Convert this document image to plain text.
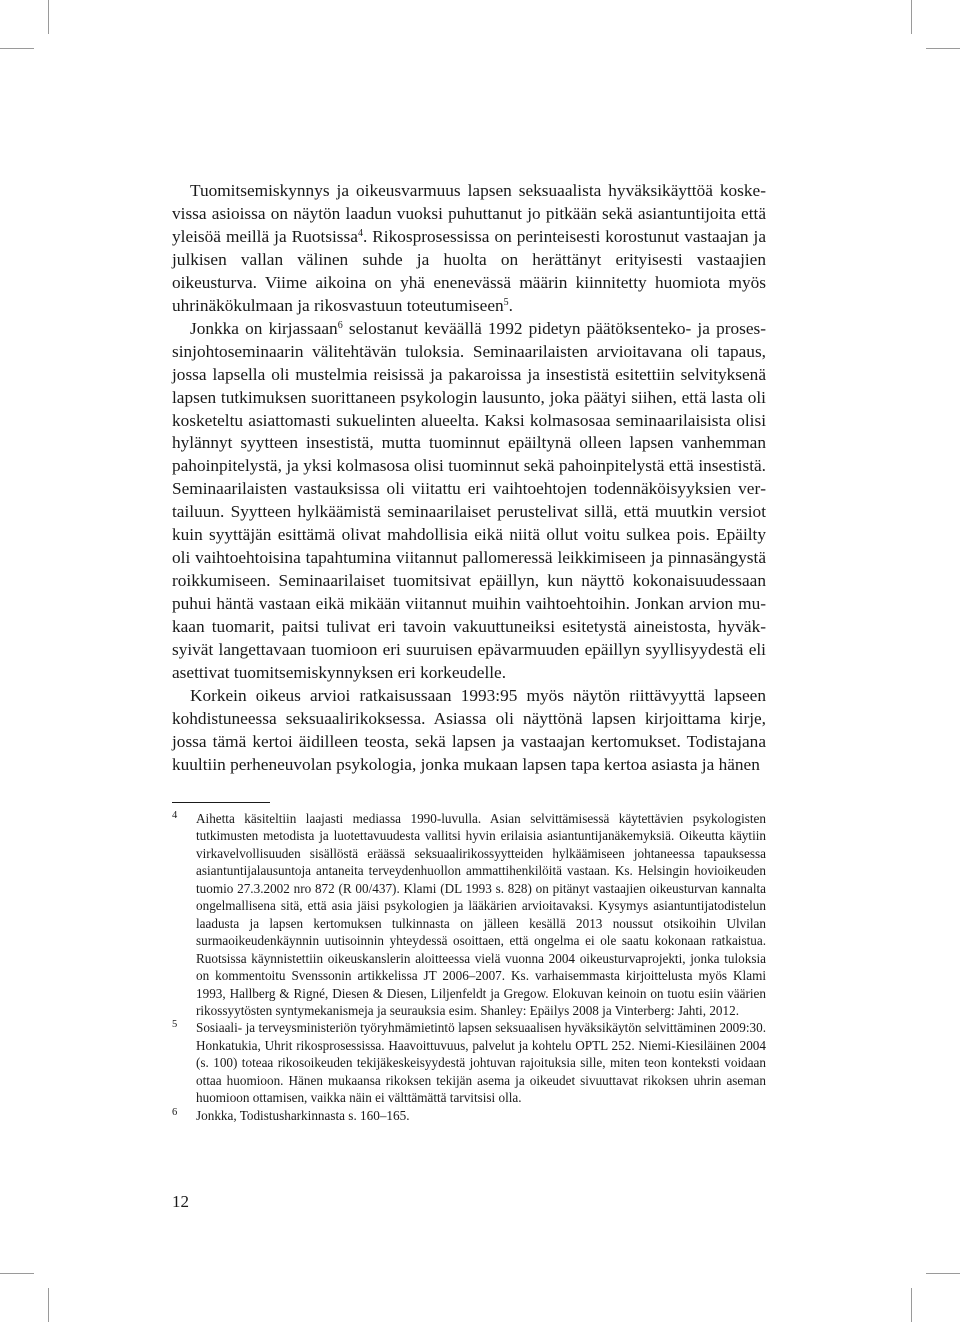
Tuomitsemiskynnys ja oikeusvarmuus lapsen seksuaalista hyväksikäyttöä koskevissa asioissa on näytön laadun vuoksi puhuttanut jo pitkään sekä asiantuntijoita että yleisöä meillä ja Ruotsissa$^4$. Rikosprosessissa on perinteisesti korostunut vastaajan ja julkisen vallan välinen suhde ja huolta on herättänyt erityisesti vastaajien oikeusturva. Viime aikoina on yhä enenevässä määrin kiinnitetty huomiota myös uhrinäkökulmaan ja rikosvastuun toteutumiseen$^5$.

Jonkka on kirjassaan$^6$ selostanut keväällä 1992 pidetyn päätöksenteko- ja prosessinjohtoseminaarin välitehtävän tuloksia. Seminaarilaisten arvioitavana oli tapaus, jossa lapsella oli mustelmia reisissä ja pakaroissa ja insestistä esitettiin selvityksenä lapsen tutkimuksen suorittaneen psykologin lausunto, joka päätyi siihen, että lasta oli kosketeltu asiattomasti sukuelinten alueelta. Kaksi kolmasosaa seminaarilaisista olisi hylännyt syytteen insestistä, mutta tuominnut epäiltynä olleen lapsen vanhemman pahoinpitelystä, ja yksi kolmasosa olisi tuominnut sekä pahoinpitelystä että insestistä. Seminaarilaisten vastauksissa oli viitattu eri vaihtoehtojen todennäköisyyksien vertailuun. Syytteen hylkäämistä seminaarilaiset perustelivat sillä, että muutkin versiot kuin syyttäjän esittämä olivat mahdollisia eikä niitä ollut voitu sulkea pois. Epäilty oli vaihtoehtoisina tapahtumina viitannut pallomeressä leikkimiseen ja pinnasängystä roikkumiseen. Seminaarilaiset tuomitsivat epäillyn, kun näyttö kokonaisuudessaan puhui häntä vastaan eikä mikään viitannut muihin vaihtoehtoihin. Jonkan arvion mukaan tuomarit, paitsi tulivat eri tavoin vakuuttuneiksi esitetystä aineistosta, hyväksyivät langettavaan tuomioon eri suuruisen epävarmuuden epäillyn syyllisyydestä eli asettivat tuomitsemiskynnyksen eri korkeudelle.

Korkein oikeus arvioi ratkaisussaan 1993:95 myös näytön riittävyyttä lapseen kohdistuneessa seksuaalirikoksessa. Asiassa oli näyttönä lapsen kirjoittama kirje, jossa tämä kertoi äidilleen teosta, sekä lapsen ja vastaajan kertomukset. Todistajana kuultiin perheneuvolan psykologia, jonka mukaan lapsen tapa kertoa asiasta ja hänen

4 Aihetta käsiteltiin laajasti mediassa 1990-luvulla. Asian selvittämisessä käytettävien psykologisten tutkimusten metodista ja luotettavuudesta vallitsi hyvin erilaisia asiantuntijanäkemyksiä. Oikeutta käytiin virkavelvollisuuden sisällöstä eräässä seksuaalirikossyytteiden hylkäämiseen johtaneessa tapauksessa asiantuntijalausuntoja antaneita terveydenhuollon ammattihenkilöitä vastaan. Ks. Helsingin hovioikeuden tuomio 27.3.2002 nro 872 (R 00/437). Klami (DL 1993 s. 828) on pitänyt vastaajien oikeusturvan kannalta ongelmallisena sitä, että asia jäisi psykologien ja lääkärien arvioitavaksi. Kysymys asiantuntijatodistelun laadusta ja lapsen kertomuksen tulkinnasta on jälleen kesällä 2013 noussut otsikoihin Ulvilan surmaoikeudenkäynnin uutisoinnin yhteydessä osoittaen, että ongelma ei ole saatu kokonaan ratkaistua. Ruotsissa käynnistettiin oikeuskanslerin aloitteessa vielä vuonna 2004 oikeusturvaprojekti, jonka tuloksia on kommentoitu Svenssonin artikkelissa JT 2006–2007. Ks. varhaisemmasta kirjoittelusta myös Klami 1993, Hallberg & Rigné, Diesen & Diesen, Liljenfeldt ja Gregow. Elokuvan keinoin on tuotu esiin väärien rikossyytösten syntymekanismeja ja seurauksia esim. Shanley: Epäilys 2008 ja Vinterberg: Jahti, 2012.

5 Sosiaali- ja terveysministeriön työryhmämietintö lapsen seksuaalisen hyväksikäytön selvittäminen 2009:30. Honkatukia, Uhrit rikosprosessissa. Haavoittuvuus, palvelut ja kohtelu OPTL 252. Niemi-Kiesiläinen 2004 (s. 100) toteaa rikosoikeuden tekijäkeskeisyydestä johtuvan rajoituksia sille, miten teon konteksti voidaan ottaa huomioon. Hänen mukaansa rikoksen tekijän asema ja oikeudet sivuuttavat rikoksen uhrin aseman huomioon ottamisen, vaikka näin ei välttämättä tarvitsisi olla.

6 Jonkka, Todistusharkinnasta s. 160–165.

12
